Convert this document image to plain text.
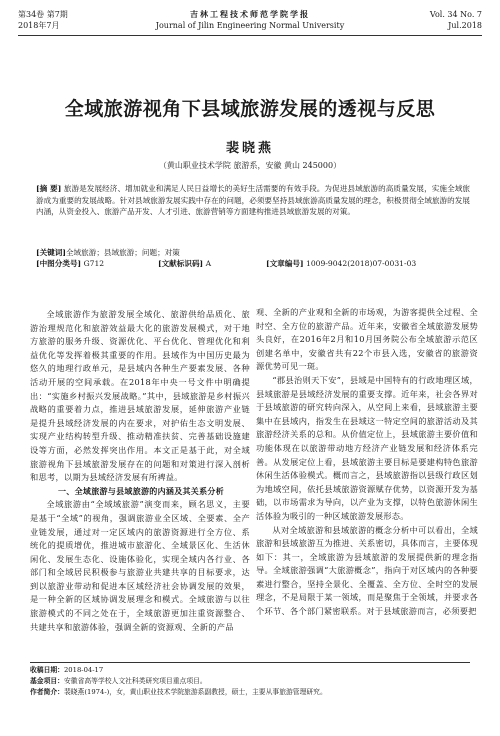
第34卷 第7期
2018年7月
吉林工程技术师范学院学报
Journal of Jilin Engineering Normal University
Vol. 34 No. 7
Jul.2018
全域旅游视角下县域旅游发展的透视与反思
裴晓燕
（黄山职业技术学院 旅游系，安徽 黄山 245000）

[摘 要] 旅游是发展经济、增加就业和满足人民日益增长的美好生活需要的有效手段。为促进县域旅游的高质量发展，实施全域旅游成为重要的发展战略。针对县域旅游发展实践中存在的问题，必须要坚持县域旅游高质量发展的理念，积极贯彻全域旅游的发展内涵，从资金投入、旅游产品开发、人才引进、旅游营销等方面建构推进县域旅游发展的对策。

[关键词]全域旅游；县域旅游；问题；对策
[中图分类号] G712	[文献标识码] A	[文章编号] 1009-9042(2018)07-0031-03

全域旅游作为旅游发展全域化、旅游供给品质化、旅游治理规范化和旅游效益最大化的旅游发展模式，对于地方旅游的服务升级、资源优化、平台优化、管理优化和利益优化等发挥着极其重要的作用。县域作为中国历史最为悠久的地理行政单元，是县域内各种生产要素发展、各种活动开展的空间承载。在2018年中央一号文件中明确提出：“实施乡村振兴发展战略。”其中，县域旅游是乡村振兴战略的重要着力点，推进县域旅游发展，延伸旅游产业链是提升县域经济发展的内在要求，对护佑生态文明发展、实现产业结构转型升级、推动精准扶贫、完善基础设施建设等方面，必然发挥突出作用。本文正是基于此，对全域旅游视角下县域旅游发展存在的问题和对策进行深入剖析和思考，以期为县域经济发展有所裨益。

一、全域旅游与县域旅游的内涵及其关系分析

全域旅游由“全域域旅游”演变而来，顾名思义，主要是基于“全域”的视角，强调旅游业全区域、全要素、全产业链发展，通过对一定区域内的旅游资源进行全方位、系统化的提质增优，推进城市旅游化、全域景区化、生活休闲化、发展生态化、设施体验化，实现全域内各行业、各部门和全域居民积极参与旅游业共建共享的目标要求，达到以旅游业带动和促进本区域经济社会协调发展的效果，是一种全新的区域协调发展理念和模式。全域旅游与以往旅游模式的不同之处在于，全域旅游更加注重资源整合、共建共享和旅游体验，强调全新的资源观、全新的产品

观、全新的产业观和全新的市场观，为游客提供全过程、全时空、全方位的旅游产品。近年来，安徽省全域旅游发展势头良好，在2016年2月和10月国务院公布全域旅游示范区创建名单中，安徽省共有22个市县入选，安徽省的旅游资源优势可见一斑。

“郡县治则天下安”，县域是中国特有的行政地理区域，县域旅游是县域经济发展的重要支撑。近年来，社会各界对于县域旅游的研究转向深入，从空间上来看，县域旅游主要集中在县域内，指发生在县域这一特定空间的旅游活动及其旅游经济关系的总和。从价值定位上，县域旅游主要价值和功能体现在以旅游带动地方经济产业链发展和经济体系完善。从发展定位上看，县域旅游主要目标是要建构特色旅游休闲生活体验模式。概而言之，县域旅游指以县级行政区划为地域空间，依托县域旅游资源赋存优势，以资源开发为基础，以市场需求为导向，以产业为支撑，以特色旅游休闲生活体验为吸引的一种区域旅游发展形态。

从对全域旅游和县域旅游的概念分析中可以看出，全域旅游和县域旅游互为推进、关系密切，具体而言，主要体现如下：其一，全域旅游为县域旅游的发展提供新的理念指导。全域旅游强调“大旅游概念”，指向于对区域内的各种要素进行整合，坚持全景化、全覆盖、全方位、全时空的发展理念，不是局限于某一领域，而是聚焦于全领域，并要求各个环节、各个部门紧密联系。对于县域旅游而言，必须要把

收稿日期：2018-04-17
基金项目：安徽省高等学校人文社科类研究项目重点项目。
作者简介：裴晓燕(1974-)，女，黄山职业技术学院旅游系副教授，硕士，主要从事旅游管理研究。
